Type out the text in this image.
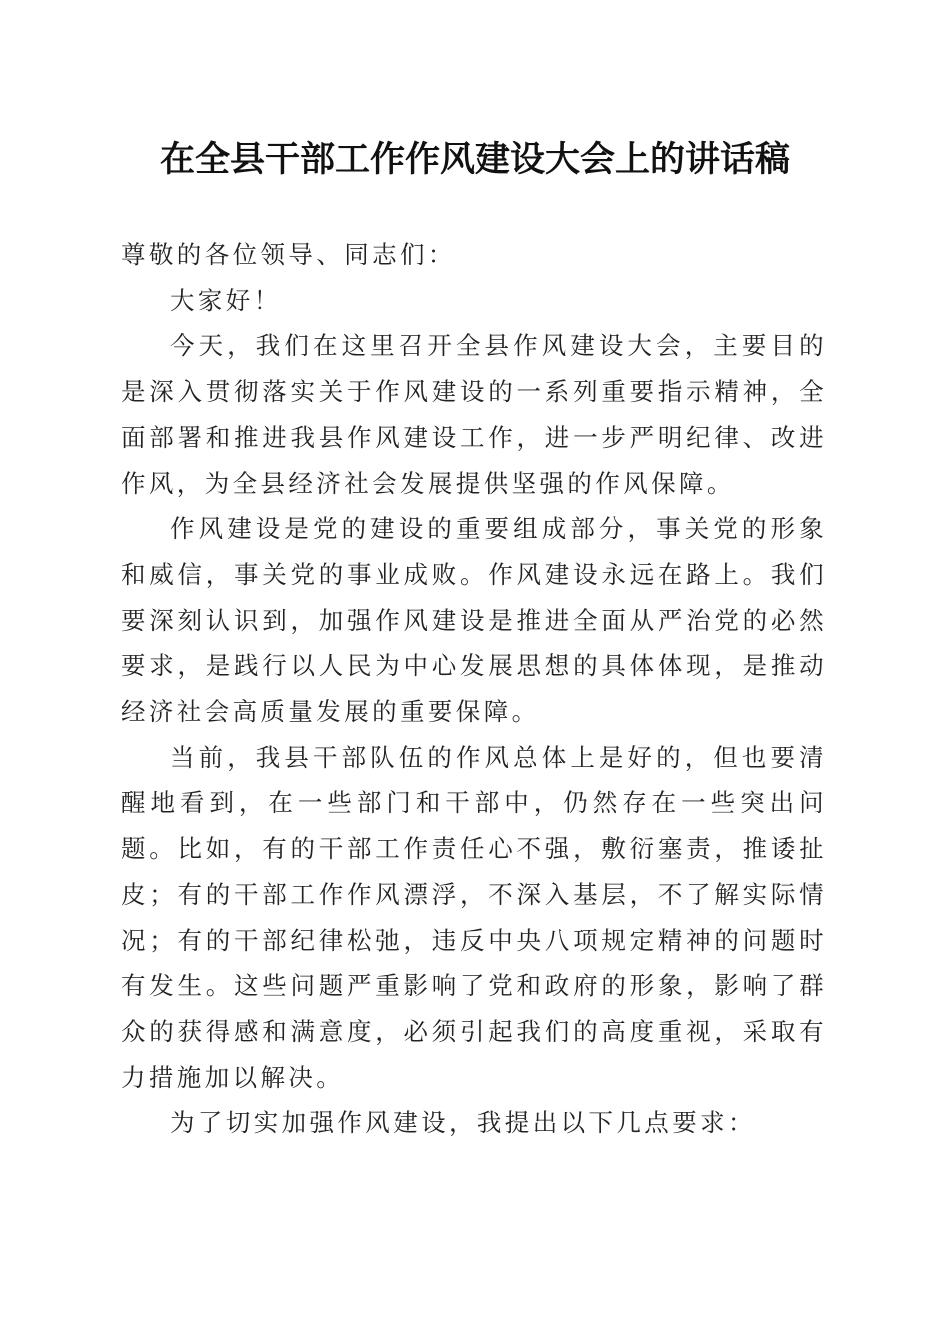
在全县干部工作作风建设大会上的讲话稿

尊敬的各位领导、同志们：

大家好！

今天，我们在这里召开全县作风建设大会，主要目的是深入贯彻落实关于作风建设的一系列重要指示精神，全面部署和推进我县作风建设工作，进一步严明纪律、改进作风，为全县经济社会发展提供坚强的作风保障。

作风建设是党的建设的重要组成部分，事关党的形象和威信，事关党的事业成败。作风建设永远在路上。我们要深刻认识到，加强作风建设是推进全面从严治党的必然要求，是践行以人民为中心发展思想的具体体现，是推动经济社会高质量发展的重要保障。

当前，我县干部队伍的作风总体上是好的，但也要清醒地看到，在一些部门和干部中，仍然存在一些突出问题。比如，有的干部工作责任心不强，敷衍塞责，推诿扯皮；有的干部工作作风漂浮，不深入基层，不了解实际情况；有的干部纪律松弛，违反中央八项规定精神的问题时有发生。这些问题严重影响了党和政府的形象，影响了群众的获得感和满意度，必须引起我们的高度重视，采取有力措施加以解决。

为了切实加强作风建设，我提出以下几点要求：
